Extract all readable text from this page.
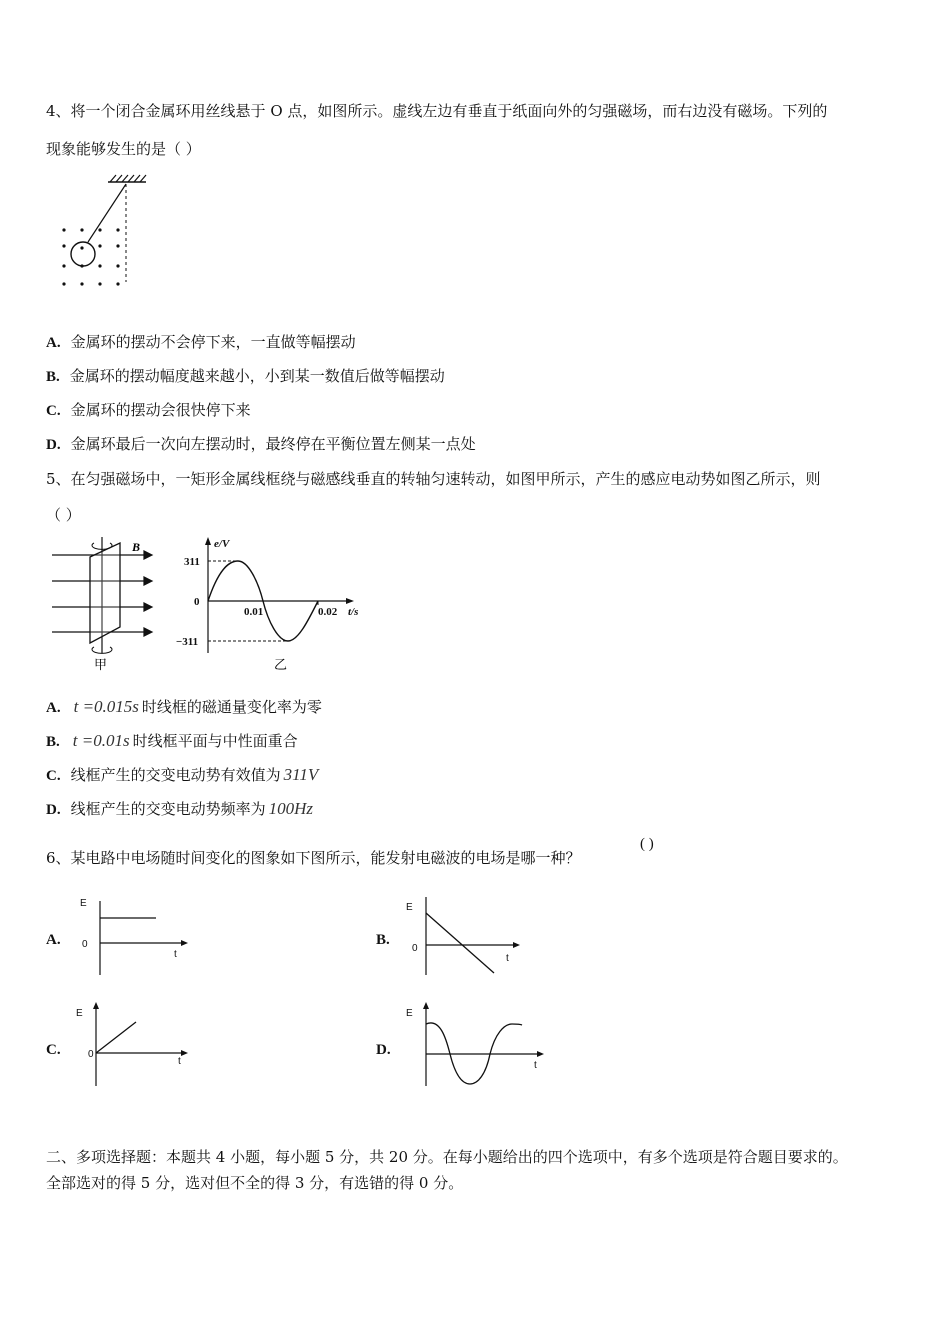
4、将一个闭合金属环用丝线悬于 O 点，如图所示。虚线左边有垂直于纸面向外的匀强磁场，而右边没有磁场。下列的
现象能够发生的是（ ）
A. 金属环的摆动不会停下来，一直做等幅摆动
B. 金属环的摆动幅度越来越小，小到某一数值后做等幅摆动
C. 金属环的摆动会很快停下来
D. 金属环最后一次向左摆动时，最终停在平衡位置左侧某一点处
5、在匀强磁场中，一矩形金属线框绕与磁感线垂直的转轴匀速转动，如图甲所示，产生的感应电动势如图乙所示，则
（ ）
B
甲
e/V
311
0
−311
0.01	0.02 t/s
乙
A. t =0.015s 时线框的磁通量变化率为零
B. t =0.01s 时线框平面与中性面重合
C. 线框产生的交变电动势有效值为 311V
D. 线框产生的交变电动势频率为 100Hz
6、某电路中电场随时间变化的图象如下图所示，能发射电磁波的电场是哪一种？
( )
A.
E
0
t
B.
E
0
t
C.
E
0
t
D.
E
t
二、多项选择题：本题共 4 小题，每小题 5 分，共 20 分。在每小题给出的四个选项中，有多个选项是符合题目要求的。
全部选对的得 5 分，选对但不全的得 3 分，有选错的得 0 分。
